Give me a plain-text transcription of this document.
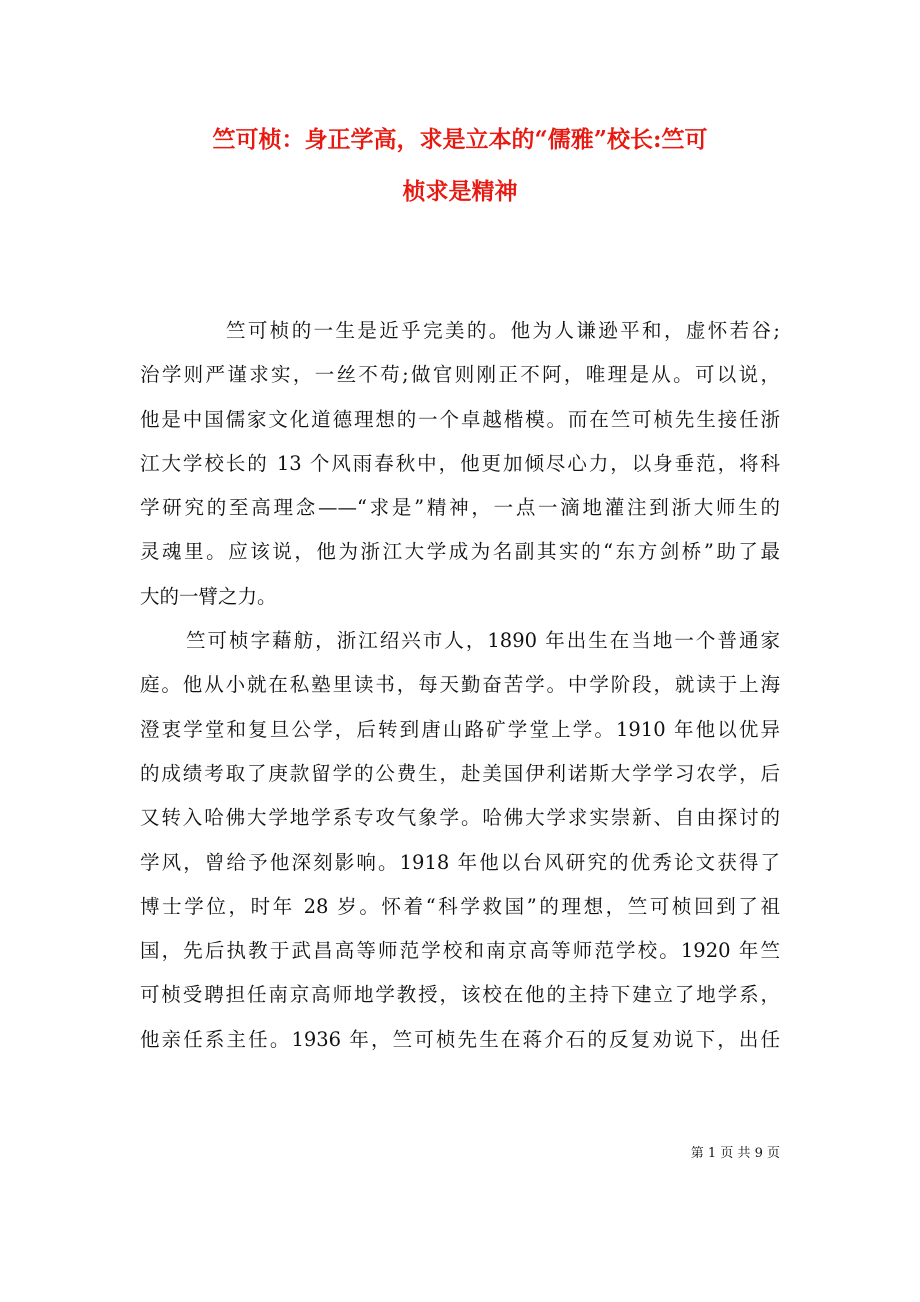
竺可桢：身正学高，求是立本的“儒雅”校长:竺可
桢求是精神
竺可桢的一生是近乎完美的。他为人谦逊平和，虚怀若谷;
治学则严谨求实，一丝不苟;做官则刚正不阿，唯理是从。可以说，
他是中国儒家文化道德理想的一个卓越楷模。而在竺可桢先生接任浙
江大学校长的 13 个风雨春秋中，他更加倾尽心力，以身垂范，将科
学研究的至高理念——“求是”精神，一点一滴地灌注到浙大师生的
灵魂里。应该说，他为浙江大学成为名副其实的“东方剑桥”助了最
大的一臂之力。
竺可桢字藉舫，浙江绍兴市人，1890 年出生在当地一个普通家
庭。他从小就在私塾里读书，每天勤奋苦学。中学阶段，就读于上海
澄衷学堂和复旦公学，后转到唐山路矿学堂上学。1910 年他以优异
的成绩考取了庚款留学的公费生，赴美国伊利诺斯大学学习农学，后
又转入哈佛大学地学系专攻气象学。哈佛大学求实崇新、自由探讨的
学风，曾给予他深刻影响。1918 年他以台风研究的优秀论文获得了
博士学位，时年 28 岁。怀着“科学救国”的理想，竺可桢回到了祖
国，先后执教于武昌高等师范学校和南京高等师范学校。1920 年竺
可桢受聘担任南京高师地学教授，该校在他的主持下建立了地学系，
他亲任系主任。1936 年，竺可桢先生在蒋介石的反复劝说下，出任
第 1 页 共 9 页
